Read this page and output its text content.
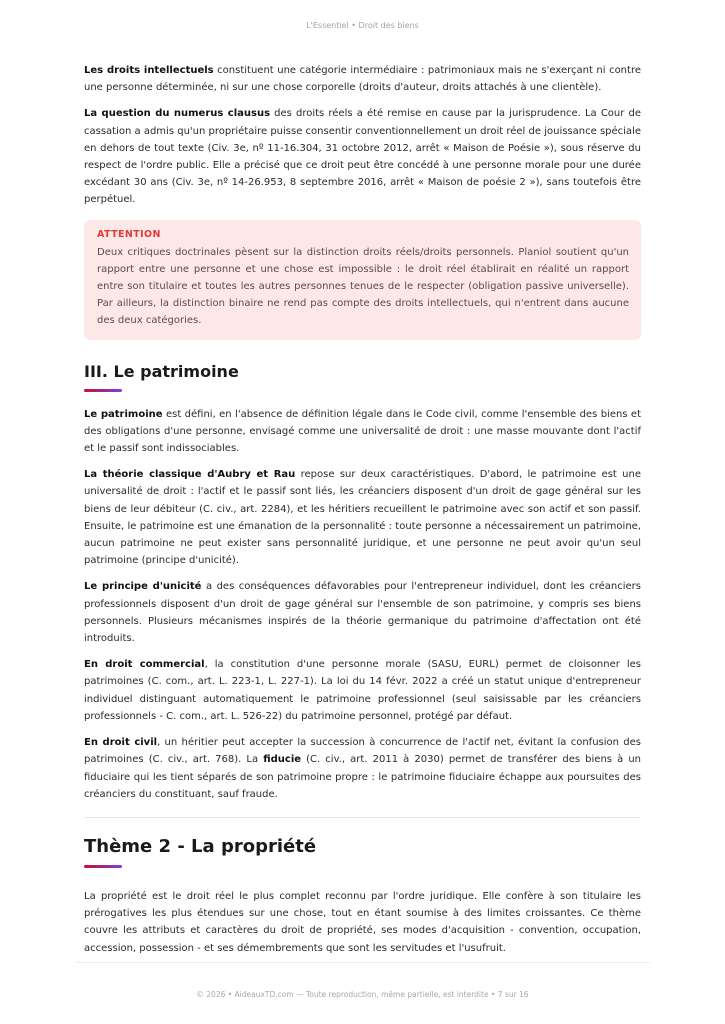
L'Essentiel • Droit des biens

Les droits intellectuels constituent une catégorie intermédiaire : patrimoniaux mais ne s'exerçant ni contre une personne déterminée, ni sur une chose corporelle (droits d'auteur, droits attachés à une clientèle).

La question du numerus clausus des droits réels a été remise en cause par la jurisprudence. La Cour de cassation a admis qu'un propriétaire puisse consentir conventionnellement un droit réel de jouissance spéciale en dehors de tout texte (Civ. 3e, nº 11-16.304, 31 octobre 2012, arrêt « Maison de Poésie »), sous réserve du respect de l'ordre public. Elle a précisé que ce droit peut être concédé à une personne morale pour une durée excédant 30 ans (Civ. 3e, nº 14-26.953, 8 septembre 2016, arrêt « Maison de poésie 2 »), sans toutefois être perpétuel.

ATTENTION

Deux critiques doctrinales pèsent sur la distinction droits réels/droits personnels. Planiol soutient qu'un rapport entre une personne et une chose est impossible : le droit réel établirait en réalité un rapport entre son titulaire et toutes les autres personnes tenues de le respecter (obligation passive universelle). Par ailleurs, la distinction binaire ne rend pas compte des droits intellectuels, qui n'entrent dans aucune des deux catégories.

III. Le patrimoine

Le patrimoine est défini, en l'absence de définition légale dans le Code civil, comme l'ensemble des biens et des obligations d'une personne, envisagé comme une universalité de droit : une masse mouvante dont l'actif et le passif sont indissociables.

La théorie classique d'Aubry et Rau repose sur deux caractéristiques. D'abord, le patrimoine est une universalité de droit : l'actif et le passif sont liés, les créanciers disposent d'un droit de gage général sur les biens de leur débiteur (C. civ., art. 2284), et les héritiers recueillent le patrimoine avec son actif et son passif. Ensuite, le patrimoine est une émanation de la personnalité : toute personne a nécessairement un patrimoine, aucun patrimoine ne peut exister sans personnalité juridique, et une personne ne peut avoir qu'un seul patrimoine (principe d'unicité).

Le principe d'unicité a des conséquences défavorables pour l'entrepreneur individuel, dont les créanciers professionnels disposent d'un droit de gage général sur l'ensemble de son patrimoine, y compris ses biens personnels. Plusieurs mécanismes inspirés de la théorie germanique du patrimoine d'affectation ont été introduits.

En droit commercial, la constitution d'une personne morale (SASU, EURL) permet de cloisonner les patrimoines (C. com., art. L. 223-1, L. 227-1). La loi du 14 févr. 2022 a créé un statut unique d'entrepreneur individuel distinguant automatiquement le patrimoine professionnel (seul saisissable par les créanciers professionnels - C. com., art. L. 526-22) du patrimoine personnel, protégé par défaut.

En droit civil, un héritier peut accepter la succession à concurrence de l'actif net, évitant la confusion des patrimoines (C. civ., art. 768). La fiducie (C. civ., art. 2011 à 2030) permet de transférer des biens à un fiduciaire qui les tient séparés de son patrimoine propre : le patrimoine fiduciaire échappe aux poursuites des créanciers du constituant, sauf fraude.

Thème 2 - La propriété

La propriété est le droit réel le plus complet reconnu par l'ordre juridique. Elle confère à son titulaire les prérogatives les plus étendues sur une chose, tout en étant soumise à des limites croissantes. Ce thème couvre les attributs et caractères du droit de propriété, ses modes d'acquisition - convention, occupation, accession, possession - et ses démembrements que sont les servitudes et l'usufruit.

© 2026 • AideauxTD.com — Toute reproduction, même partielle, est interdite • 7 sur 16
